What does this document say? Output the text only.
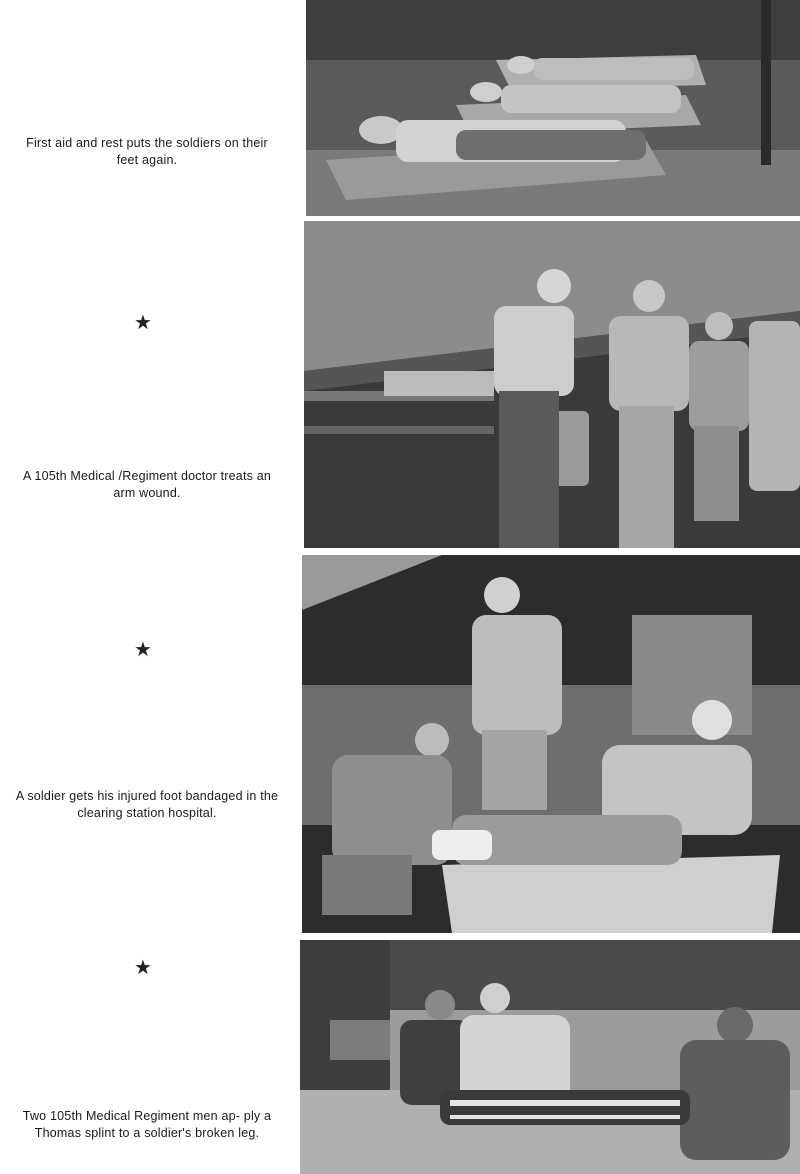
First aid and rest puts the soldiers on their feet again.
★
A 105th Medical /Regiment doctor treats an arm wound.
★
A soldier gets his injured foot bandaged in the clearing station hospital.
★
Two 105th Medical Regiment men ap- ply a Thomas splint to a soldier's broken leg.
